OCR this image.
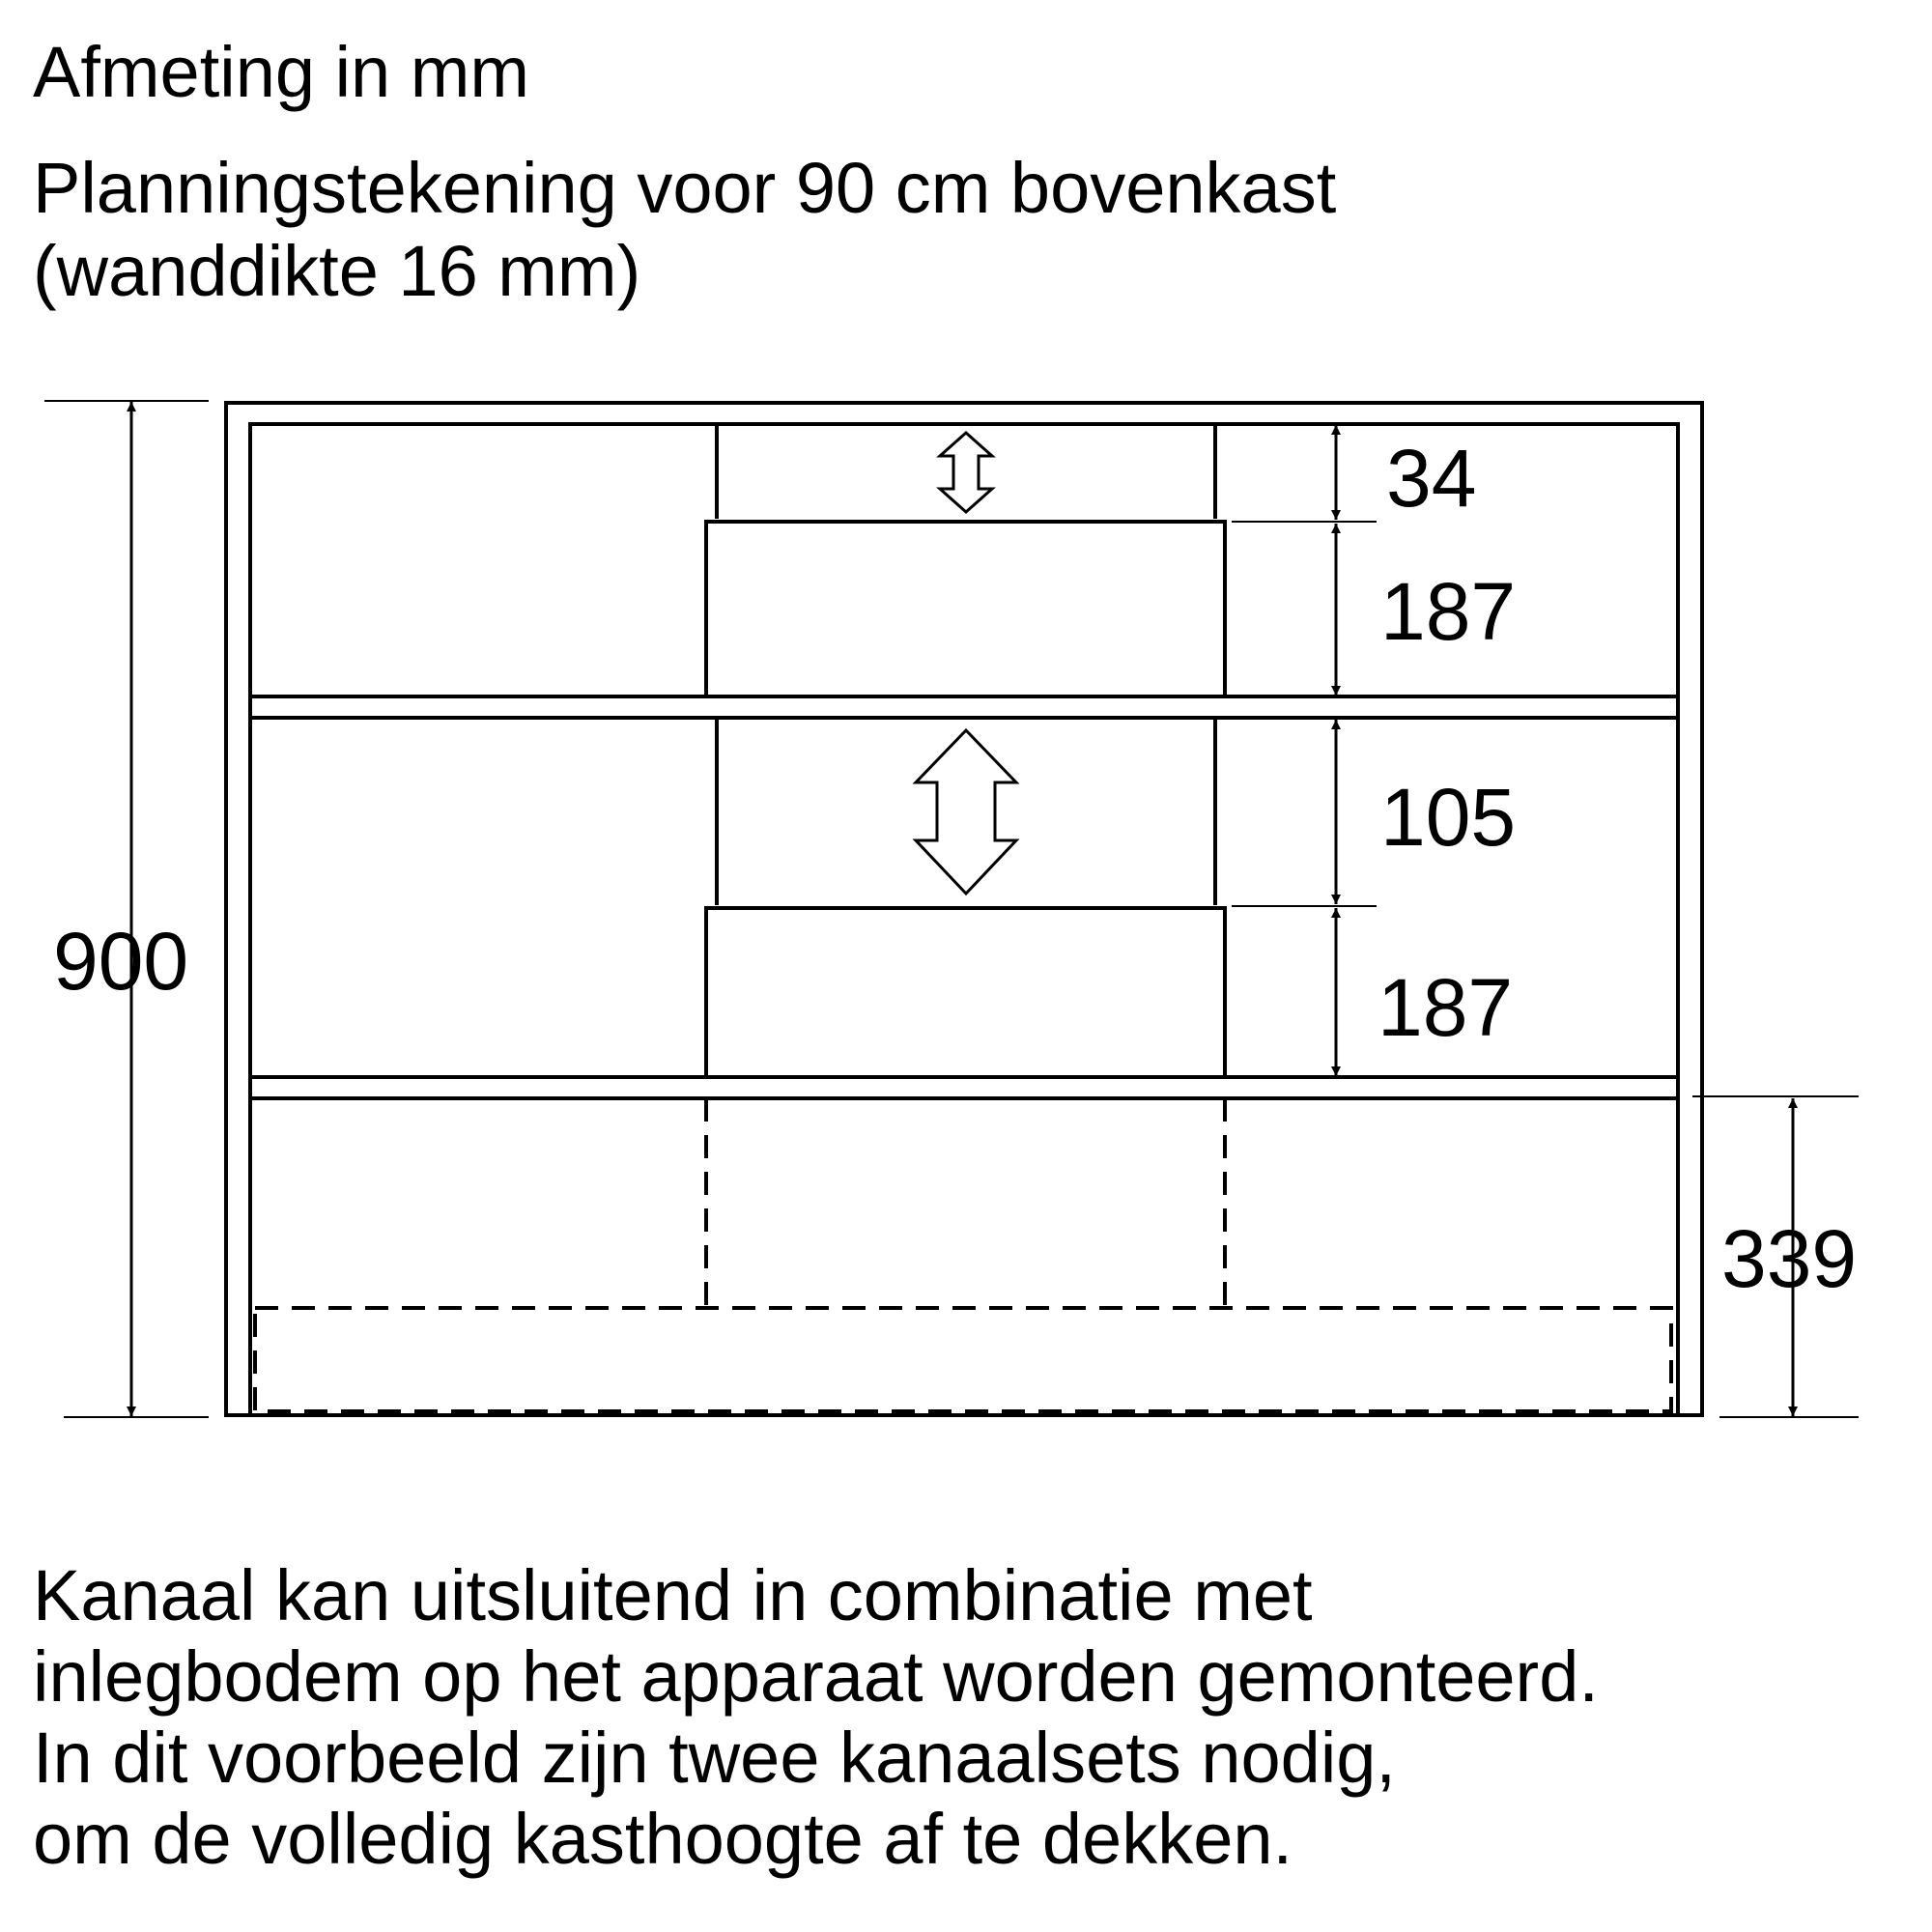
Afmeting in mm

Planningstekening voor 90 cm bovenkast
(wanddikte 16 mm)
900
34
187
105
187
339
Kanaal kan uitsluitend in combinatie met
inlegbodem op het apparaat worden gemonteerd.
In dit voorbeeld zijn twee kanaalsets nodig,
om de volledig kasthoogte af te dekken.
